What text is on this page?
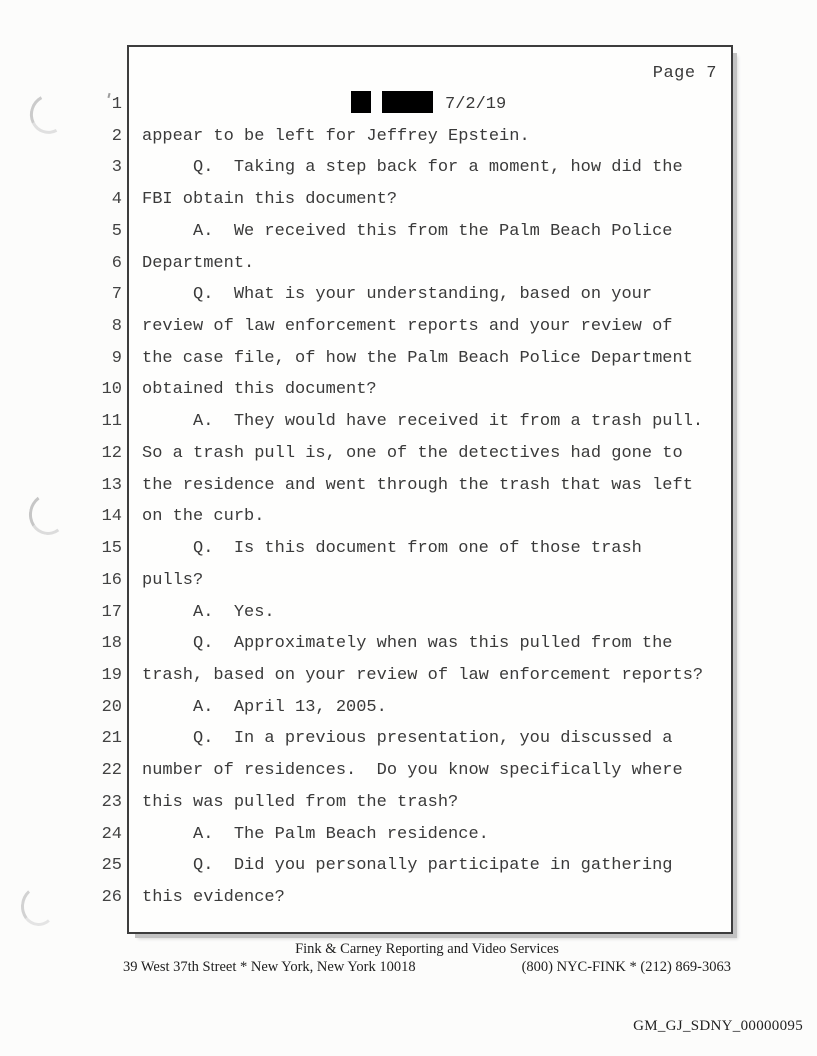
Page 7
1	7/2/19
2 appear to be left for Jeffrey Epstein.
3 Q.  Taking a step back for a moment, how did the
4 FBI obtain this document?
5 A.  We received this from the Palm Beach Police
6 Department.
7 Q.  What is your understanding, based on your
8 review of law enforcement reports and your review of
9 the case file, of how the Palm Beach Police Department
10 obtained this document?
11 A.  They would have received it from a trash pull.
12 So a trash pull is, one of the detectives had gone to
13 the residence and went through the trash that was left
14 on the curb.
15 Q.  Is this document from one of those trash
16 pulls?
17 A.  Yes.
18 Q.  Approximately when was this pulled from the
19 trash, based on your review of law enforcement reports?
20 A.  April 13, 2005.
21 Q.  In a previous presentation, you discussed a
22 number of residences.  Do you know specifically where
23 this was pulled from the trash?
24 A.  The Palm Beach residence.
25 Q.  Did you personally participate in gathering
26 this evidence?
Fink & Carney Reporting and Video Services
39 West 37th Street * New York, New York 10018	(800) NYC-FINK * (212) 869-3063
GM_GJ_SDNY_00000095
